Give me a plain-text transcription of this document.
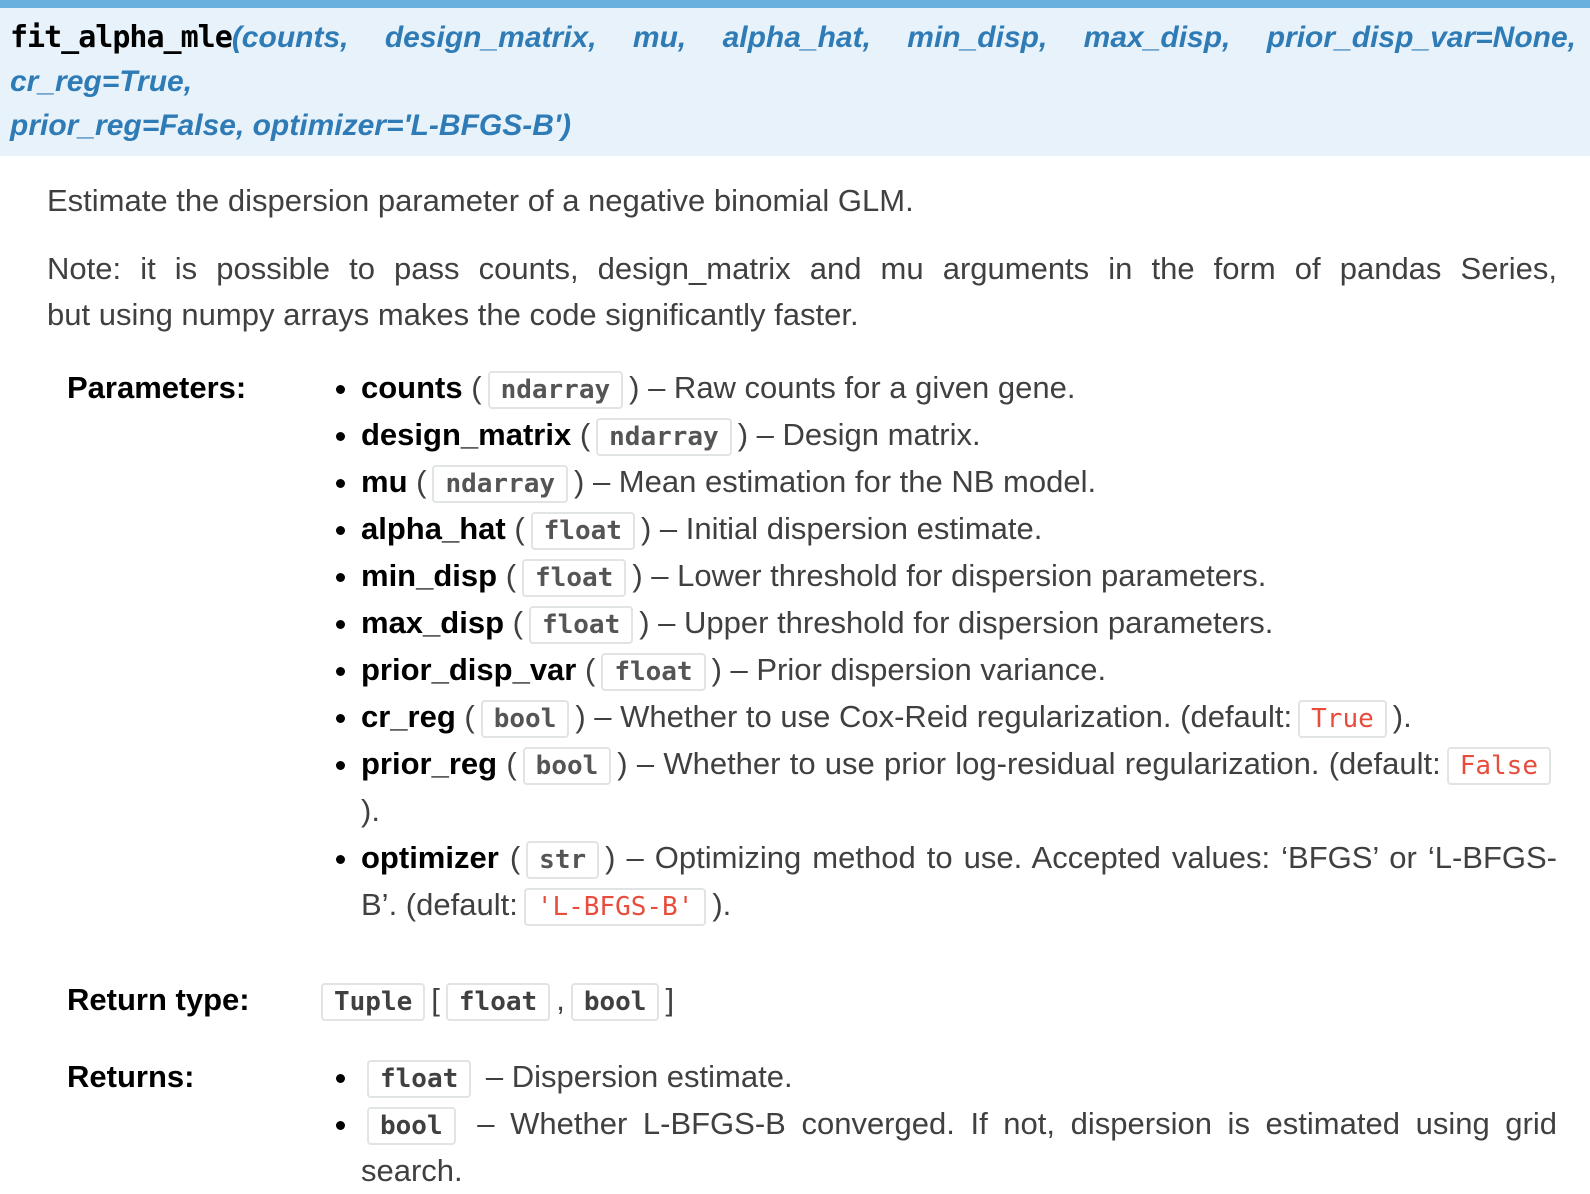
fit_alpha_mle(counts, design_matrix, mu, alpha_hat, min_disp, max_disp, prior_disp_var=None, cr_reg=True,
prior_reg=False, optimizer='L-BFGS-B')

Estimate the dispersion parameter of a negative binomial GLM.

Note: it is possible to pass counts, design_matrix and mu arguments in the form of pandas Series,
but using numpy arrays makes the code significantly faster.

Parameters:	• counts ( ndarray ) – Raw counts for a given gene.
• design_matrix ( ndarray ) – Design matrix.
• mu ( ndarray ) – Mean estimation for the NB model.
• alpha_hat ( float ) – Initial dispersion estimate.
• min_disp ( float ) – Lower threshold for dispersion parameters.
• max_disp ( float ) – Upper threshold for dispersion parameters.
• prior_disp_var ( float ) – Prior dispersion variance.
• cr_reg ( bool ) – Whether to use Cox-Reid regularization. (default: True ).
• prior_reg ( bool ) – Whether to use prior log-residual regularization. (default: False).
• optimizer ( str ) – Optimizing method to use. Accepted values: ‘BFGS’ or ‘L-BFGS-B’. (default: 'L-BFGS-B' ).
Return type:	Tuple [ float , bool ]
Returns:	• float – Dispersion estimate.
• bool – Whether L-BFGS-B converged. If not, dispersion is estimated using grid search.
